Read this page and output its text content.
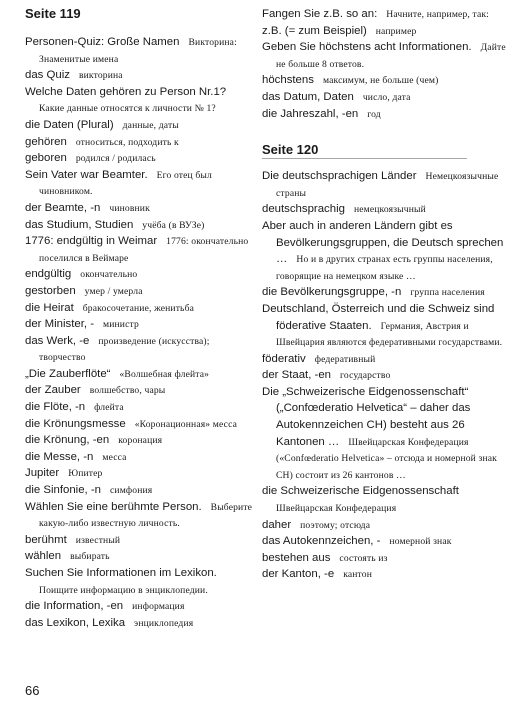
Seite 119

Personen-Quiz: Große Namen  Викторина: Знаменитые имена

das Quiz  викторина

Welche Daten gehören zu Person Nr.1?  Какие данные относятся к личности № 1?

die Daten (Plural)  данные, даты

gehören  относиться, подходить к

geboren  родился / родилась

Sein Vater war Beamter.  Его отец был чиновником.

der Beamte, -n  чиновник

das Studium, Studien  учёба (в ВУЗе)

1776: endgültig in Weimar  1776: окончательно поселился в Веймаре

endgültig  окончательно

gestorben  умер / умерла

die Heirat  бракосочетание, женитьба

der Minister, -  министр

das Werk, -e  произведение (искусства); творчество

„Die Zauberflöte“  «Волшебная флейта»

der Zauber  волшебство, чары

die Flöte, -n  флейта

die Krönungsmesse  «Коронационная» месса

die Krönung, -en  коронация

die Messe, -n  месса

Jupiter  Юпитер

die Sinfonie, -n  симфония

Wählen Sie eine berühmte Person.  Выберите какую-либо известную личность.

berühmt  известный

wählen  выбирать

Suchen Sie Informationen im Lexikon.  Поищите информацию в энциклопедии.

die Information, -en  информация

das Lexikon, Lexika  энциклопедия

Fangen Sie z.B. so an:  Начните, например, так:

z.B. (= zum Beispiel)  например

Geben Sie höchstens acht Informationen.  Дайте не больше 8 ответов.

höchstens  максимум, не больше (чем)

das Datum, Daten  число, дата

die Jahreszahl, -en  год

Seite 120

Die deutschsprachigen Länder  Немецкоязычные страны

deutschsprachig  немецкоязычный

Aber auch in anderen Ländern gibt es Bevölkerungsgruppen, die Deutsch sprechen …  Но и в других странах есть группы населения, говорящие на немецком языке …

die Bevölkerungsgruppe, -n  группа населения

Deutschland, Österreich und die Schweiz sind föderative Staaten.  Германия, Австрия и Швейцария являются федеративными государствами.

föderativ  федеративный

der Staat, -en  государство

Die „Schweizerische Eidgenossenschaft“ („Confœderatio Helvetica“ – daher das Autokennzeichen CH) besteht aus 26 Kantonen …  Швейцарская Конфедерация («Confœderatio Helvetica» – отсюда и номерной знак CH) состоит из 26 кантонов …

die Schweizerische Eidgenossenschaft  Швейцарская Конфедерация

daher  поэтому; отсюда

das Autokennzeichen, -  номерной знак

bestehen aus  состоять из

der Kanton, -e  кантон

66
